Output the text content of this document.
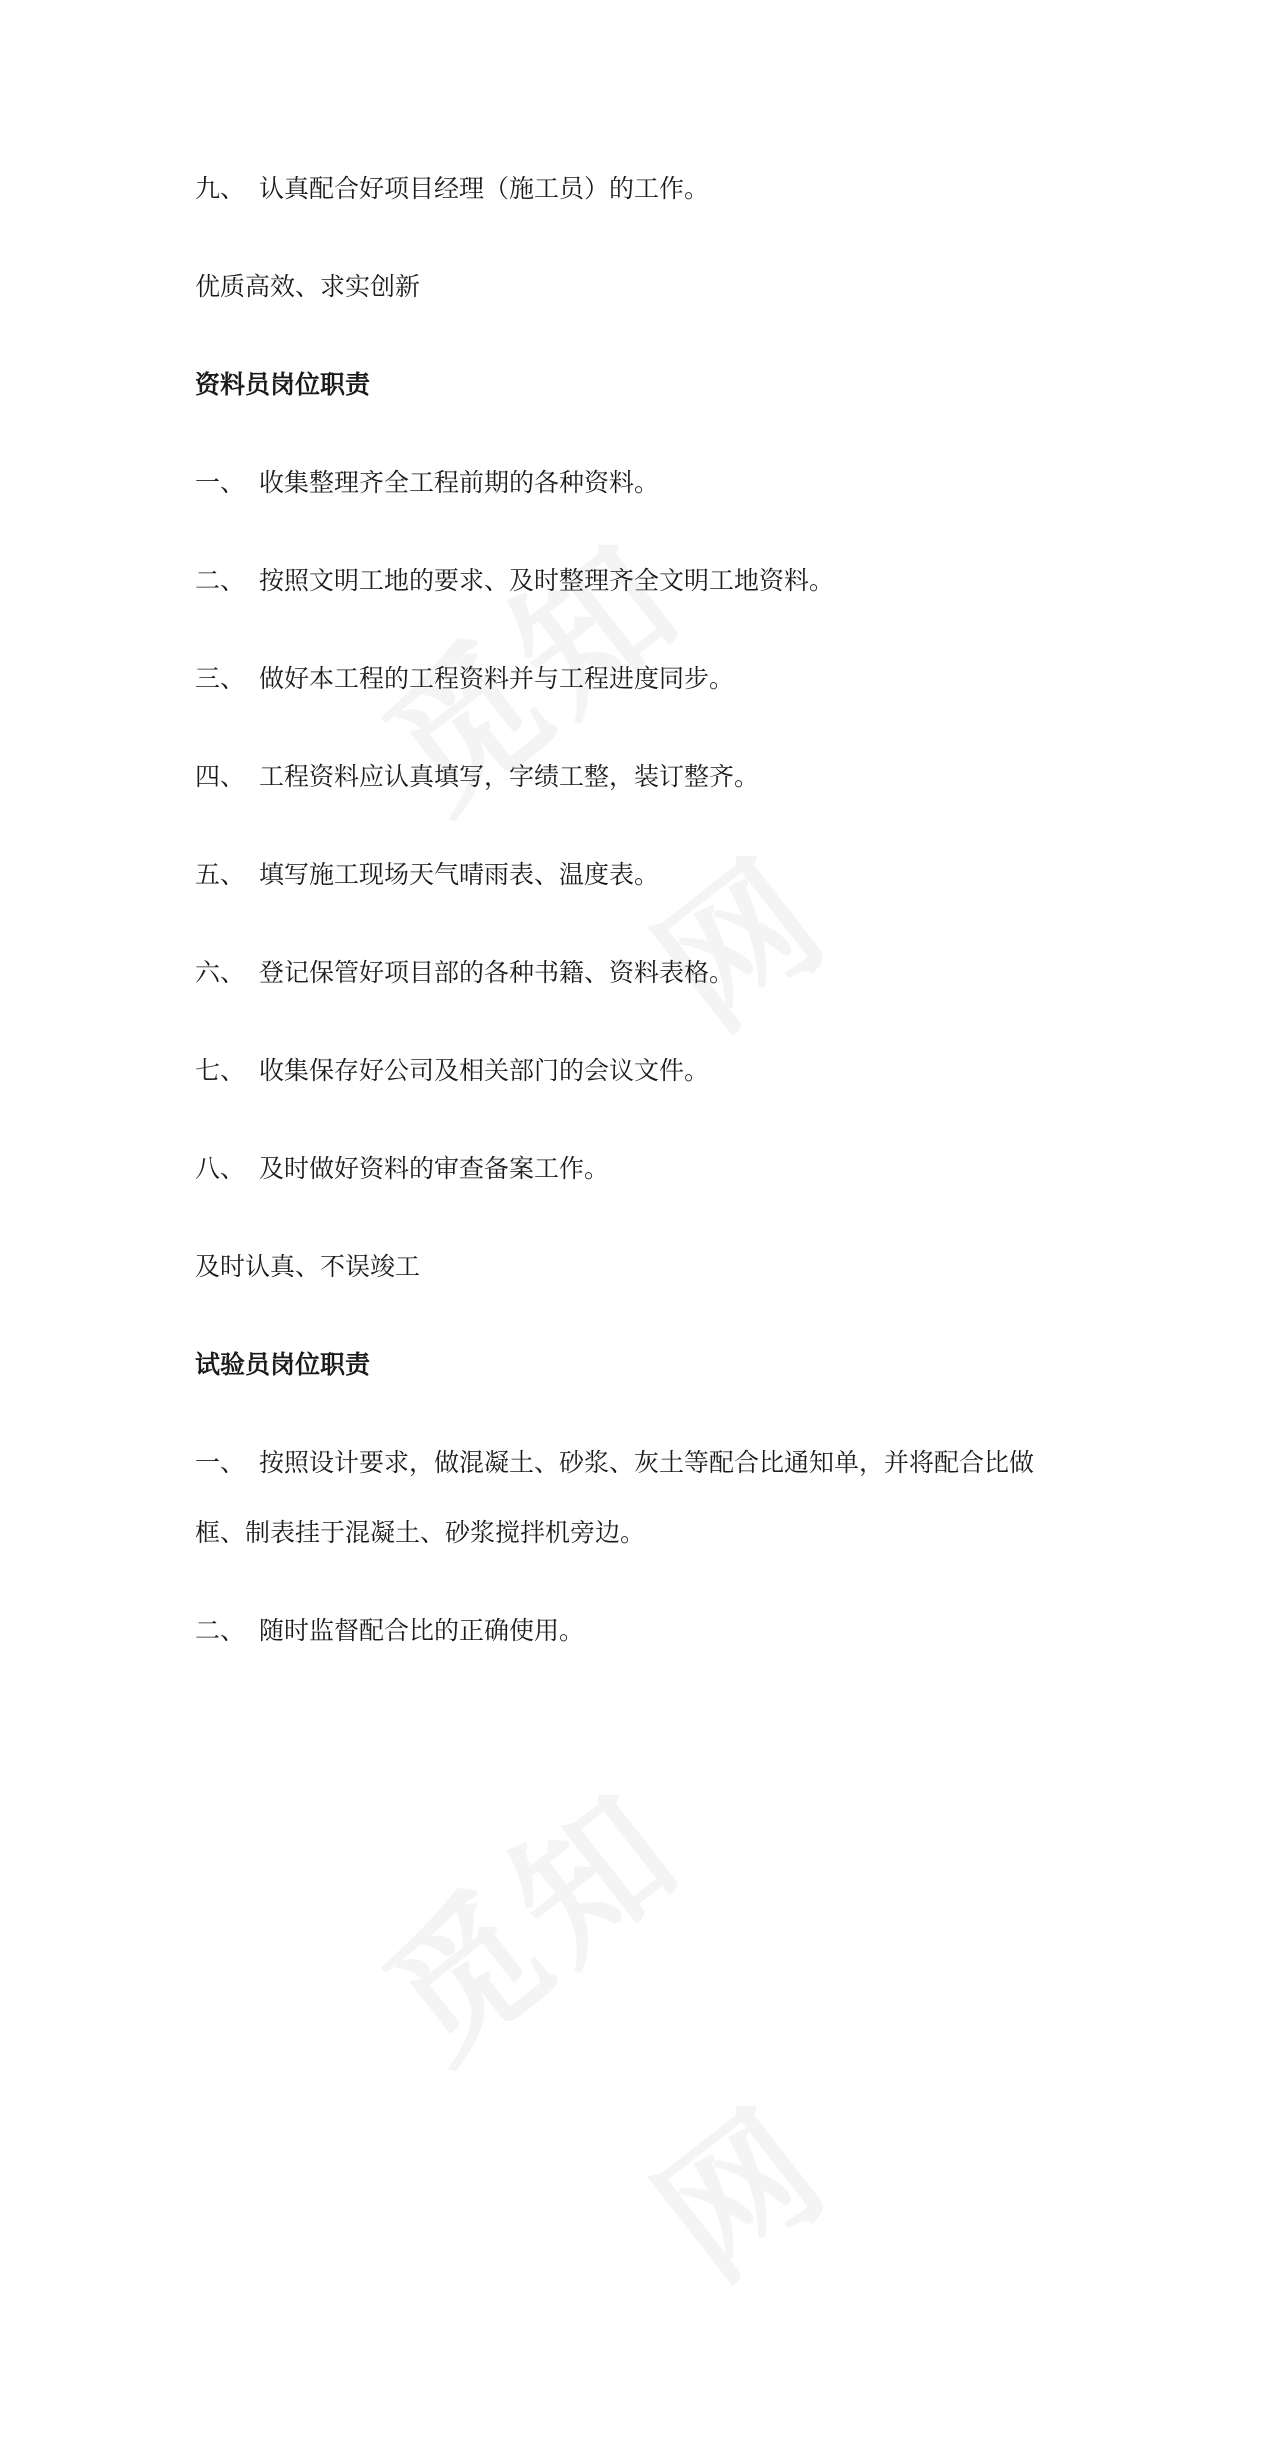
九、 认真配合好项目经理（施工员）的工作。
优质高效、求实创新
资料员岗位职责
一、 收集整理齐全工程前期的各种资料。
二、 按照文明工地的要求、及时整理齐全文明工地资料。
三、 做好本工程的工程资料并与工程进度同步。
四、 工程资料应认真填写，字绩工整，装订整齐。
五、 填写施工现场天气晴雨表、温度表。
六、 登记保管好项目部的各种书籍、资料表格。
七、 收集保存好公司及相关部门的会议文件。
八、 及时做好资料的审查备案工作。
及时认真、不误竣工
试验员岗位职责
一、 按照设计要求，做混凝土、砂浆、灰土等配合比通知单，并将配合比做
框、制表挂于混凝土、砂浆搅拌机旁边。
二、 随时监督配合比的正确使用。
